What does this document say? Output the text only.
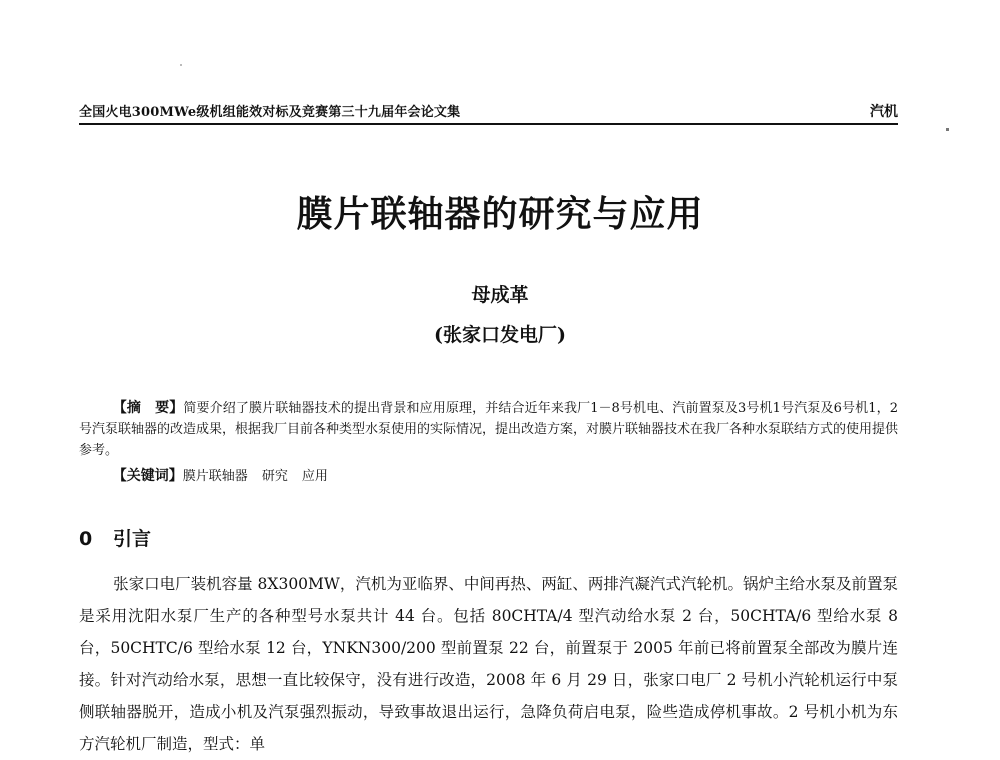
全国火电300MWe级机组能效对标及竞赛第三十九届年会论文集	汽机
膜片联轴器的研究与应用
母成革
(张家口发电厂)

【摘　要】简要介绍了膜片联轴器技术的提出背景和应用原理，并结合近年来我厂1－8号机电、汽前置泵及3号机1号汽泵及6号机1，2号汽泵联轴器的改造成果，根据我厂目前各种类型水泵使用的实际情况，提出改造方案，对膜片联轴器技术在我厂各种水泵联结方式的使用提供参考。

【关键词】膜片联轴器 研究 应用
0 引言

张家口电厂装机容量 8X300MW，汽机为亚临界、中间再热、两缸、两排汽凝汽式汽轮机。锅炉主给水泵及前置泵是采用沈阳水泵厂生产的各种型号水泵共计 44 台。包括 80CHTA/4 型汽动给水泵 2 台，50CHTA/6 型给水泵 8 台，50CHTC/6 型给水泵 12 台，YNKN300/200 型前置泵 22 台，前置泵于 2005 年前已将前置泵全部改为膜片连接。针对汽动给水泵，思想一直比较保守，没有进行改造，2008 年 6 月 29 日，张家口电厂 2 号机小汽轮机运行中泵侧联轴器脱开，造成小机及汽泵强烈振动，导致事故退出运行，急降负荷启电泵，险些造成停机事故。2 号机小机为东方汽轮机厂制造，型式：单
